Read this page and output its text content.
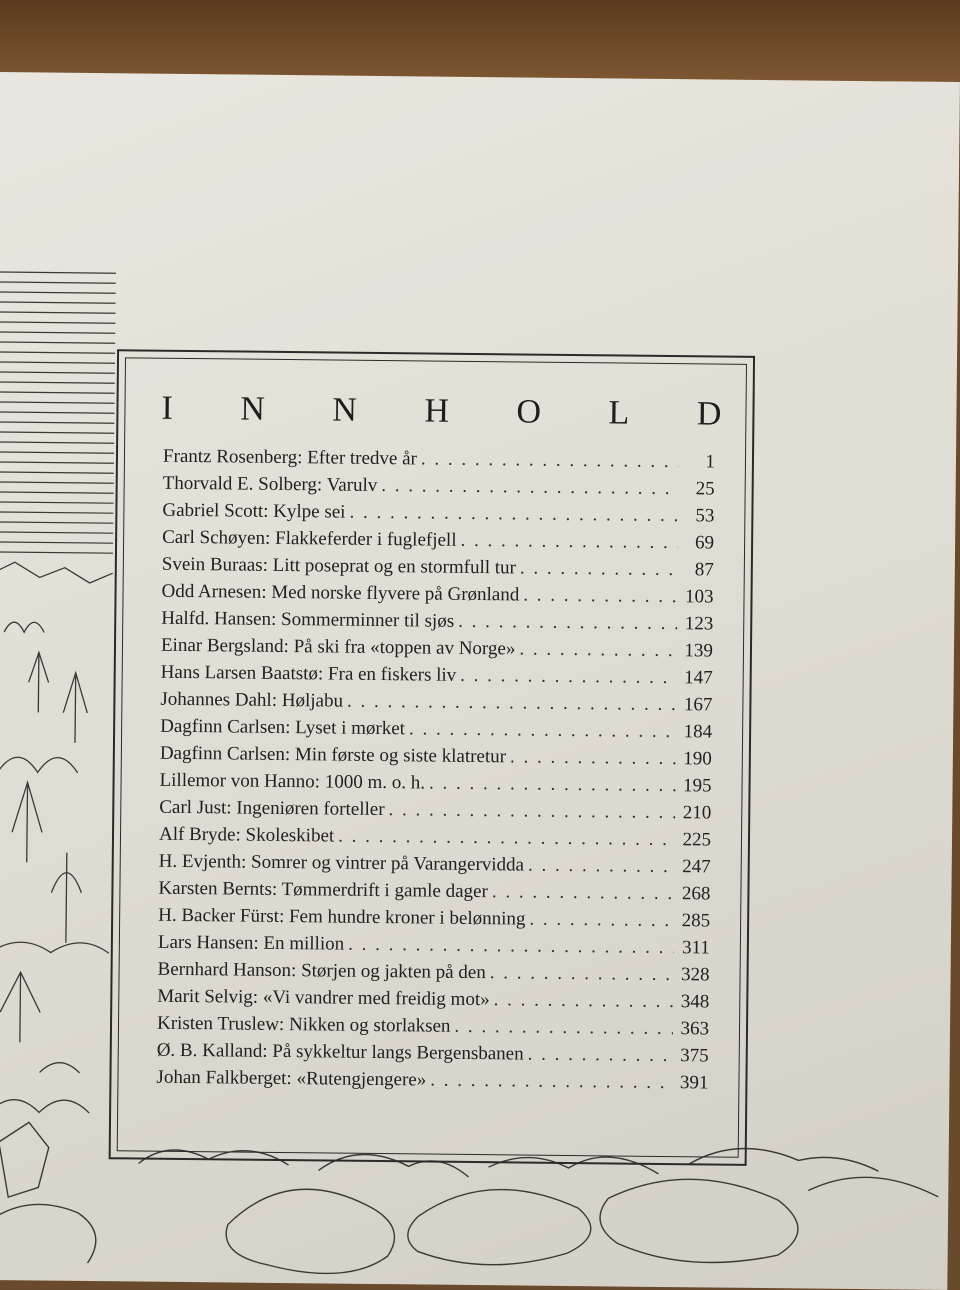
I N N H O L D
Frantz Rosenberg: Efter tredve år . . .	1
Thorvald E. Solberg: Varulv . . .	25
Gabriel Scott: Kylpe sei . . .	53
Carl Schøyen: Flakkeferder i fuglefjell . . .	69
Svein Buraas: Litt poseprat og en stormfull tur . . .	87
Odd Arnesen: Med norske flyvere på Grønland . . .	103
Halfd. Hansen: Sommerminner til sjøs . . .	123
Einar Bergsland: På ski fra «toppen av Norge» . . .	139
Hans Larsen Baatstø: Fra en fiskers liv . . .	147
Johannes Dahl: Høljabu . . .	167
Dagfinn Carlsen: Lyset i mørket . . .	184
Dagfinn Carlsen: Min første og siste klatretur . . .	190
Lillemor von Hanno: 1000 m. o. h. . . .	195
Carl Just: Ingeniøren forteller . . .	210
Alf Bryde: Skoleskibet . . .	225
H. Evjenth: Somrer og vintrer på Varangervidda . . .	247
Karsten Bernts: Tømmerdrift i gamle dager . . .	268
H. Backer Fürst: Fem hundre kroner i belønning . . .	285
Lars Hansen: En million . . .	311
Bernhard Hanson: Størjen og jakten på den . . .	328
Marit Selvig: «Vi vandrer med freidig mot» . . .	348
Kristen Truslew: Nikken og storlaksen . . .	363
Ø. B. Kalland: På sykkeltur langs Bergensbanen . . .	375
Johan Falkberget: «Rutengjengere» . . .	391
